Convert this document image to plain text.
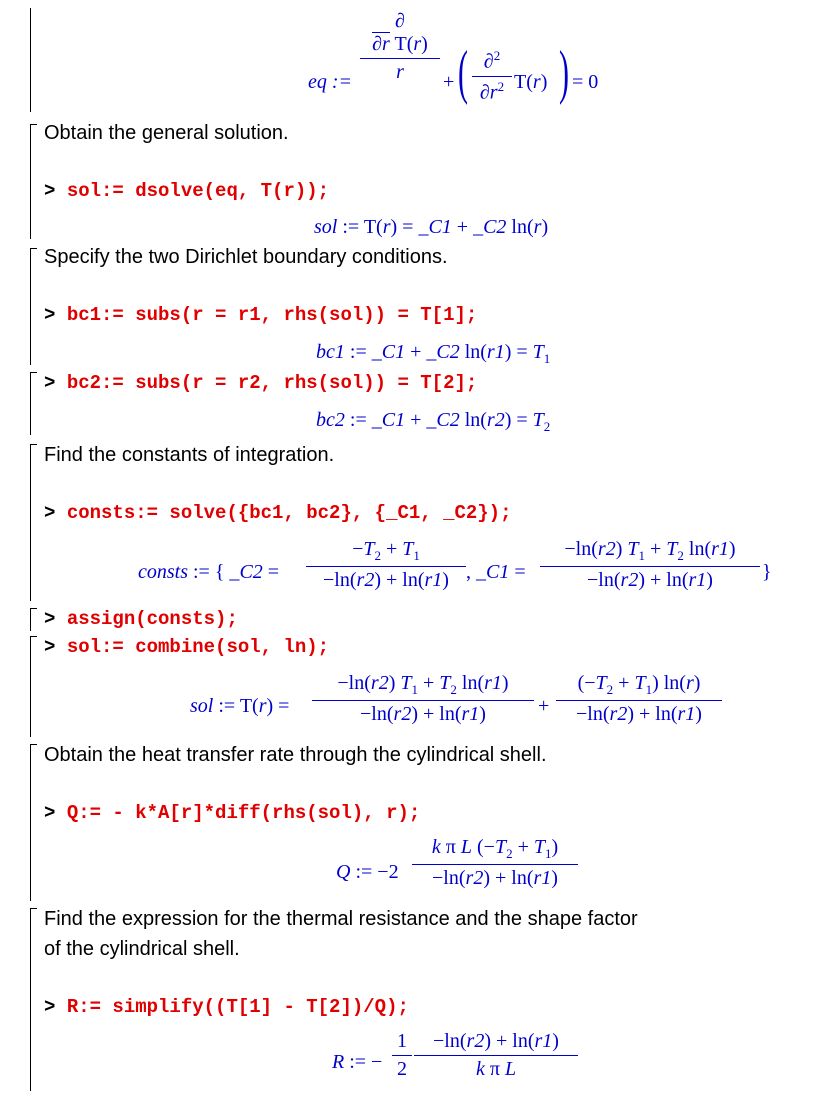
eq :=
∂
∂r T(r)
r	+ ( $\frac{\partial^2}{\partial r^2} T(r)$ ) = 0
Obtain the general solution.
> sol:= dsolve(eq, T(r));
sol := T(r) = _C1 + _C2 ln(r)
Specify the two Dirichlet boundary conditions.
> bc1:= subs(r = r1, rhs(sol)) = T[1];
bc1 := _C1 + _C2 $\ln(r1) = T_1$
> bc2:= subs(r = r2, rhs(sol)) = T[2];
bc2 := _C1 + _C2 $\ln(r2) = T_2$
Find the constants of integration.
> consts:= solve({bc1, bc2}, {_C1, _C2});
consts := { _C2 = $\frac{-T_2 + T_1}{-\ln(r2) + \ln(r1)}$ , _C1 = $\frac{-\ln(r2) T_1 + T_2 \ln(r1)}{-\ln(r2) + \ln(r1)}$ }
> assign(consts);
> sol:= combine(sol, ln);
sol := $T(r) = \frac{-\ln(r2) T_1 + T_2 \ln(r1)}{-\ln(r2) + \ln(r1)} + \frac{(-T_2 + T_1) \ln(r)}{-\ln(r2) + \ln(r1)}$
Obtain the heat transfer rate through the cylindrical shell.
> Q:= - k*A[r]*diff(rhs(sol), r);
Q := $-2 \frac{k \pi L (-T_2 + T_1)}{-\ln(r2) + \ln(r1)}$
Find the expression for the thermal resistance and the shape factor
of the cylindrical shell.
> R:= simplify((T[1] - T[2])/Q);
R := − $\frac{1}{2} \frac{-\ln(r2) + \ln(r1)}{\text{k π L}}$
